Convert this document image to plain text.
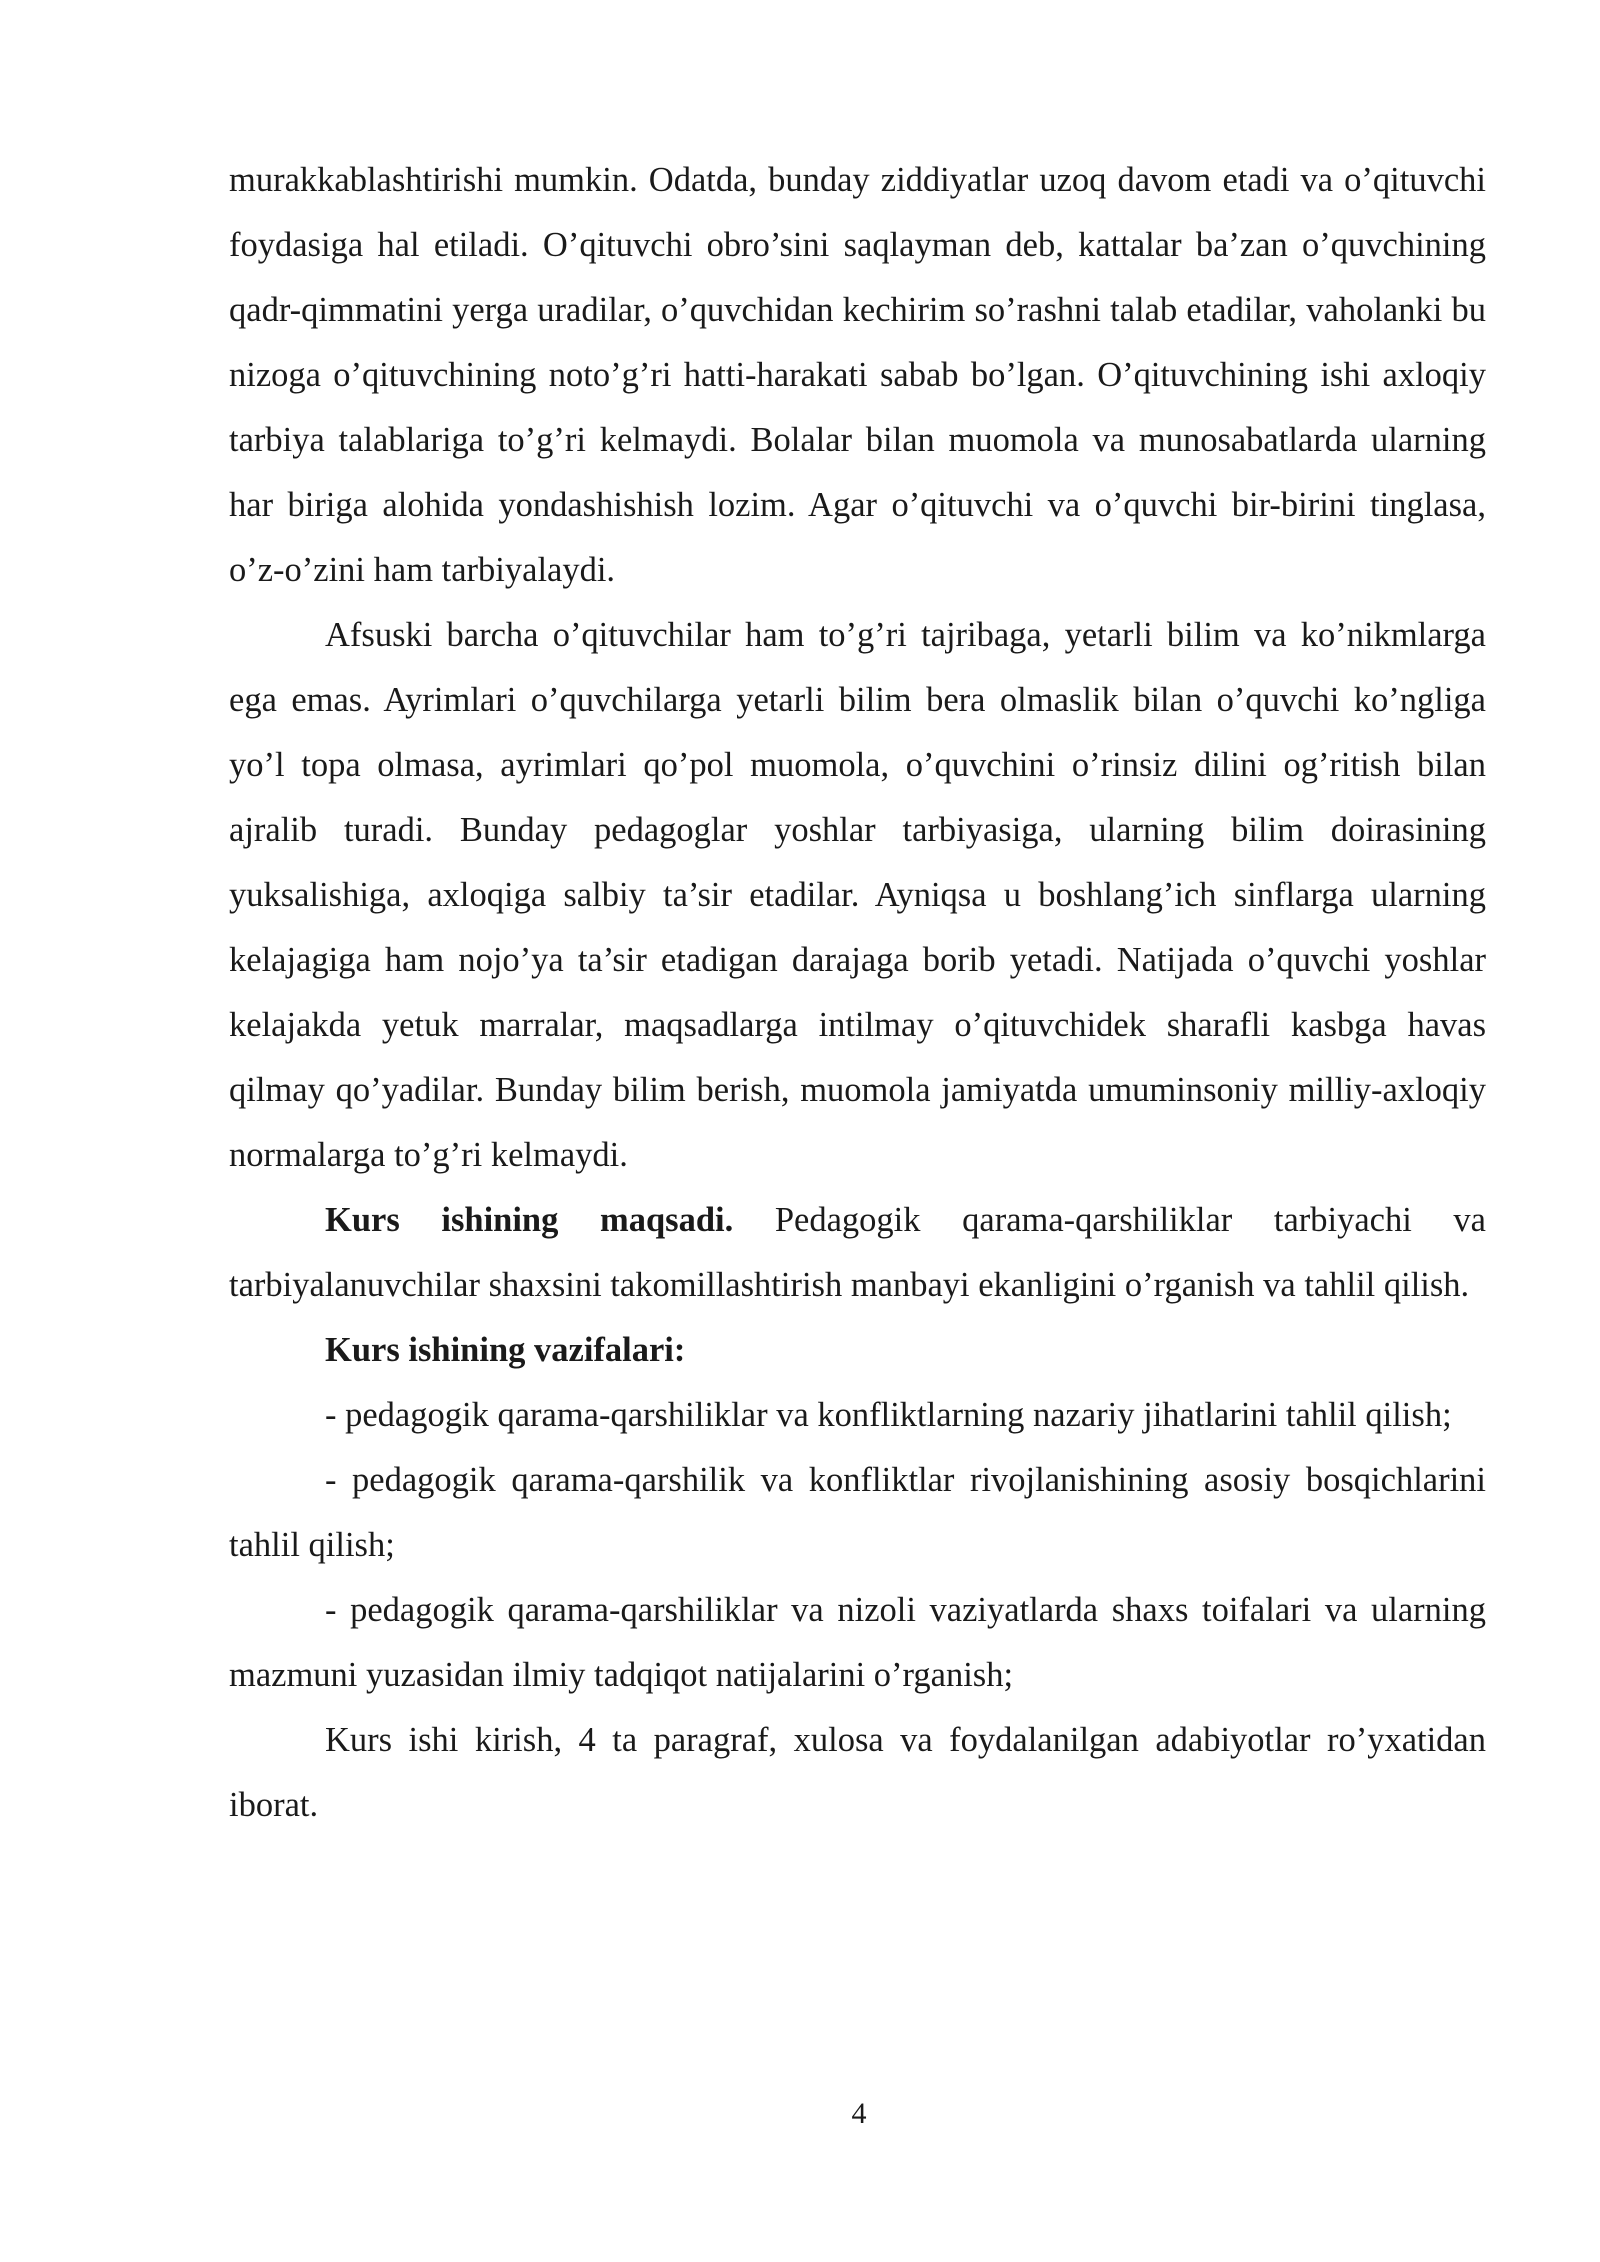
murakkablashtirishi mumkin. Odatda, bunday ziddiyatlar uzoq davom etadi va o’qituvchi foydasiga hal etiladi. O’qituvchi obro’sini saqlayman deb, kattalar ba’zan o’quvchining qadr-qimmatini yerga uradilar, o’quvchidan kechirim so’rashni talab etadilar, vaholanki bu nizoga o’qituvchining noto’g’ri hatti-harakati sabab bo’lgan. O’qituvchining ishi axloqiy tarbiya talablariga to’g’ri kelmaydi. Bolalar bilan muomola va munosabatlarda ularning har biriga alohida yondashishish lozim. Agar o’qituvchi va o’quvchi bir-birini tinglasa, o’z-o’zini ham tarbiyalaydi.

Afsuski barcha o’qituvchilar ham to’g’ri tajribaga, yetarli bilim va ko’nikmlarga ega emas. Ayrimlari o’quvchilarga yetarli bilim bera olmaslik bilan o’quvchi ko’ngliga yo’l topa olmasa, ayrimlari qo’pol muomola, o’quvchini o’rinsiz dilini og’ritish bilan ajralib turadi. Bunday pedagoglar yoshlar tarbiyasiga, ularning bilim doirasining yuksalishiga, axloqiga salbiy ta’sir etadilar. Ayniqsa u boshlang’ich sinflarga ularning kelajagiga ham nojo’ya ta’sir etadigan darajaga borib yetadi. Natijada o’quvchi yoshlar kelajakda yetuk marralar, maqsadlarga intilmay o’qituvchidek sharafli kasbga havas qilmay qo’yadilar. Bunday bilim berish, muomola jamiyatda umuminsoniy milliy-axloqiy normalarga to’g’ri kelmaydi.

Kurs ishining maqsadi. Pedagogik qarama-qarshiliklar tarbiyachi va tarbiyalanuvchilar shaxsini takomillashtirish manbayi ekanligini o’rganish va tahlil qilish.

Kurs ishining vazifalari:

- pedagogik qarama-qarshiliklar va konfliktlarning nazariy jihatlarini tahlil qilish;

- pedagogik qarama-qarshilik va konfliktlar rivojlanishining asosiy bosqichlarini tahlil qilish;

- pedagogik qarama-qarshiliklar va nizoli vaziyatlarda shaxs toifalari va ularning mazmuni yuzasidan ilmiy tadqiqot natijalarini o’rganish;

Kurs ishi kirish, 4 ta paragraf, xulosa va foydalanilgan adabiyotlar ro’yxatidan iborat.

4
